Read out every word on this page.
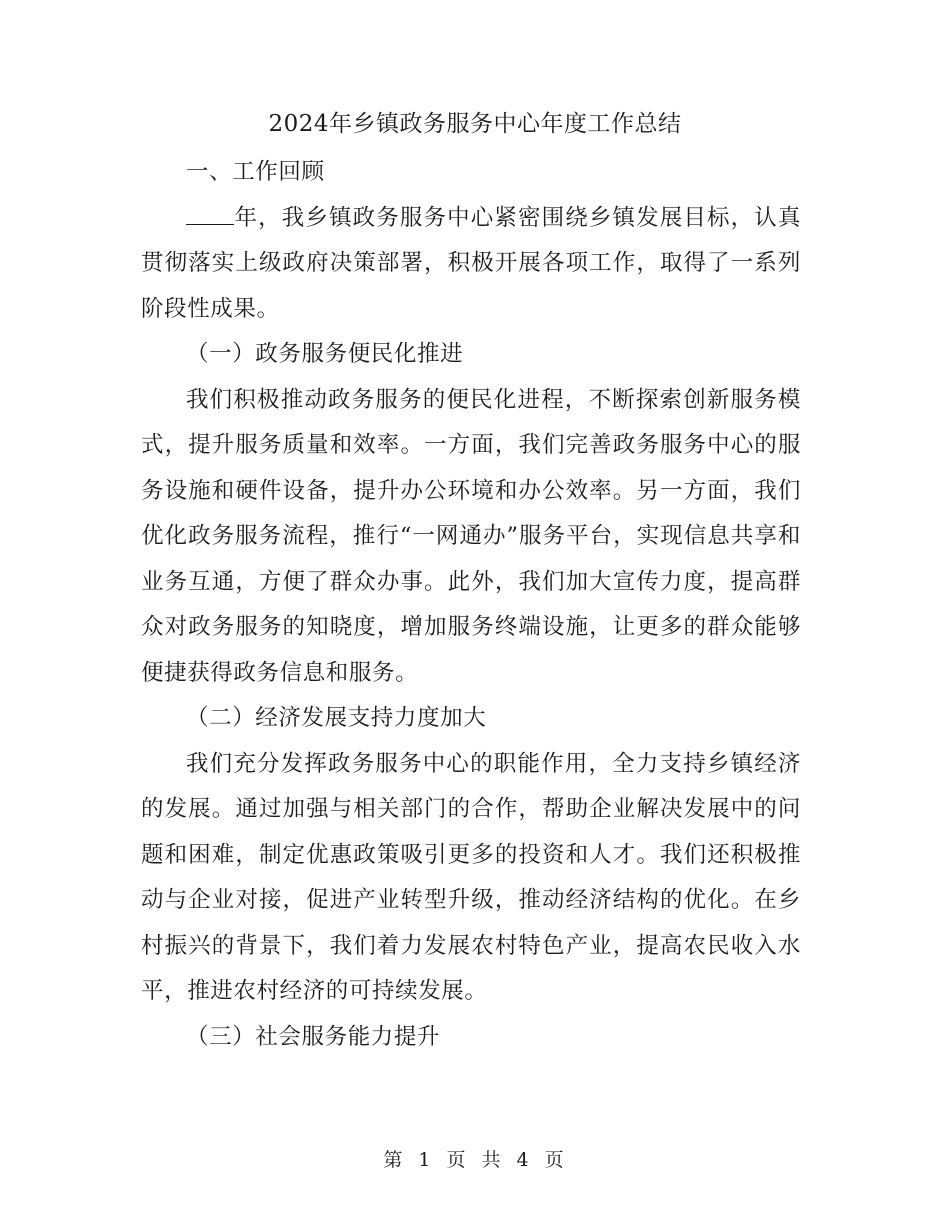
2024年乡镇政务服务中心年度工作总结

一、工作回顾

年，我乡镇政务服务中心紧密围绕乡镇发展目标，认真贯彻落实上级政府决策部署，积极开展各项工作，取得了一系列阶段性成果。

（一）政务服务便民化推进

我们积极推动政务服务的便民化进程，不断探索创新服务模式，提升服务质量和效率。一方面，我们完善政务服务中心的服务设施和硬件设备，提升办公环境和办公效率。另一方面，我们优化政务服务流程，推行“一网通办”服务平台，实现信息共享和业务互通，方便了群众办事。此外，我们加大宣传力度，提高群众对政务服务的知晓度，增加服务终端设施，让更多的群众能够便捷获得政务信息和服务。

（二）经济发展支持力度加大

我们充分发挥政务服务中心的职能作用，全力支持乡镇经济的发展。通过加强与相关部门的合作，帮助企业解决发展中的问题和困难，制定优惠政策吸引更多的投资和人才。我们还积极推动与企业对接，促进产业转型升级，推动经济结构的优化。在乡村振兴的背景下，我们着力发展农村特色产业，提高农民收入水平，推进农村经济的可持续发展。

（三）社会服务能力提升

第 1 页 共 4 页
